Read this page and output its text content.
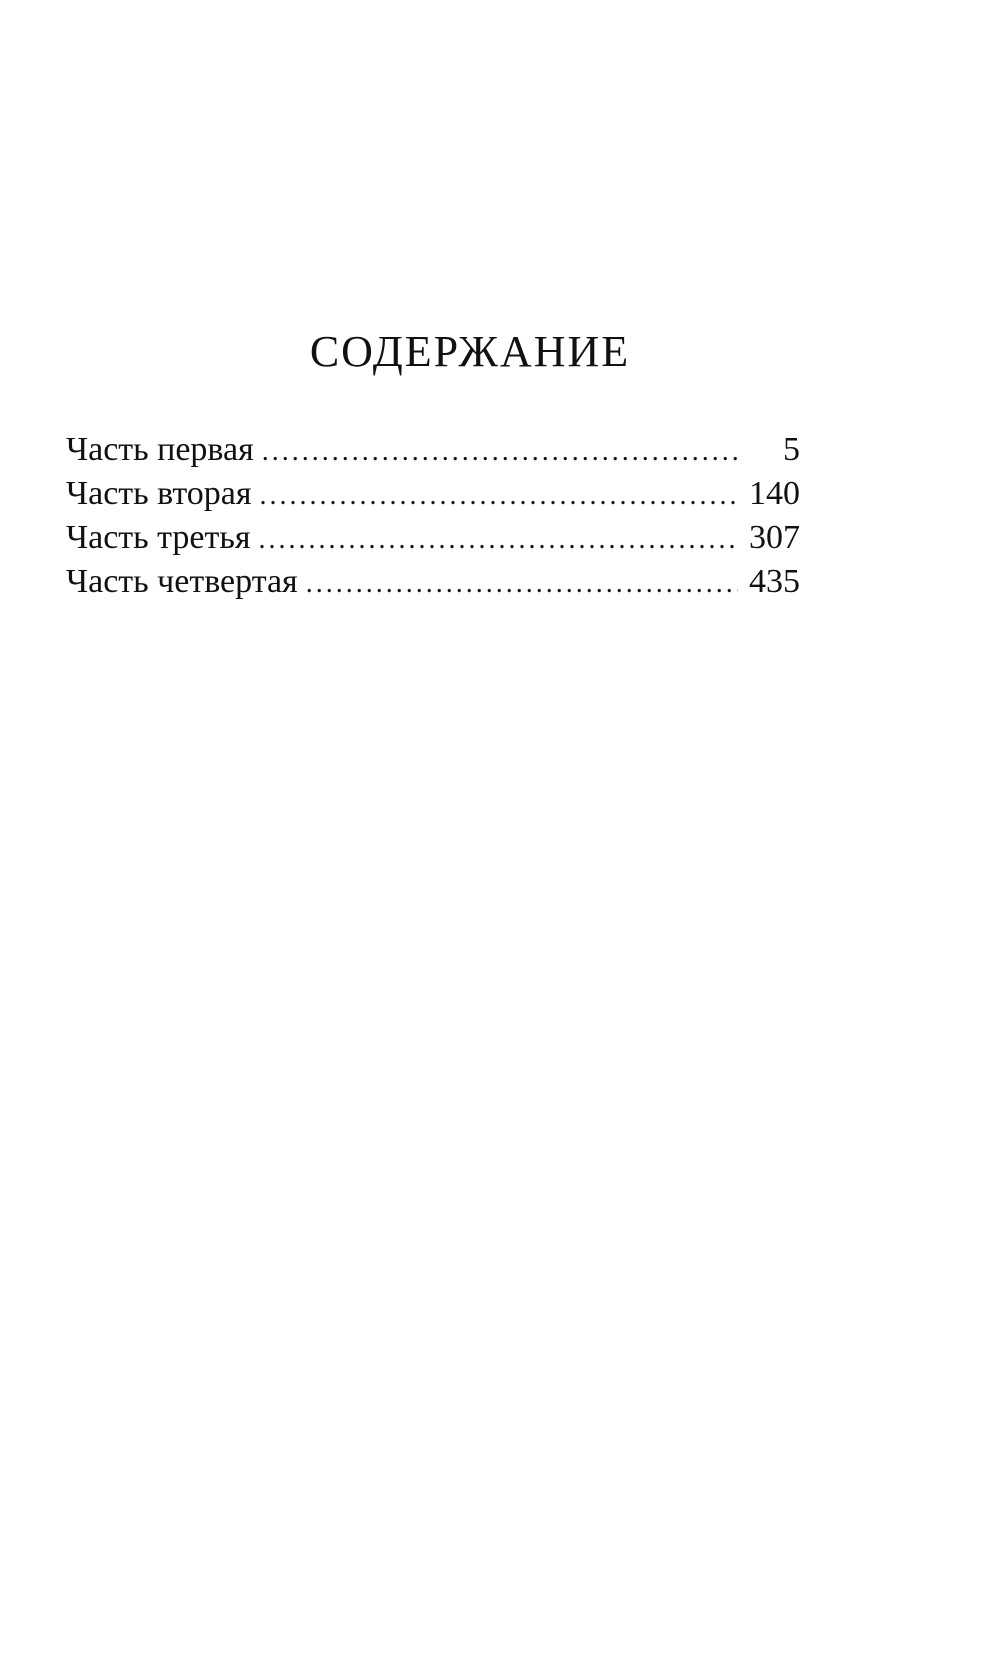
СОДЕРЖАНИЕ
Часть первая . . .	5
Часть вторая . . .	140
Часть третья . . .	307
Часть четвертая . . .	435
